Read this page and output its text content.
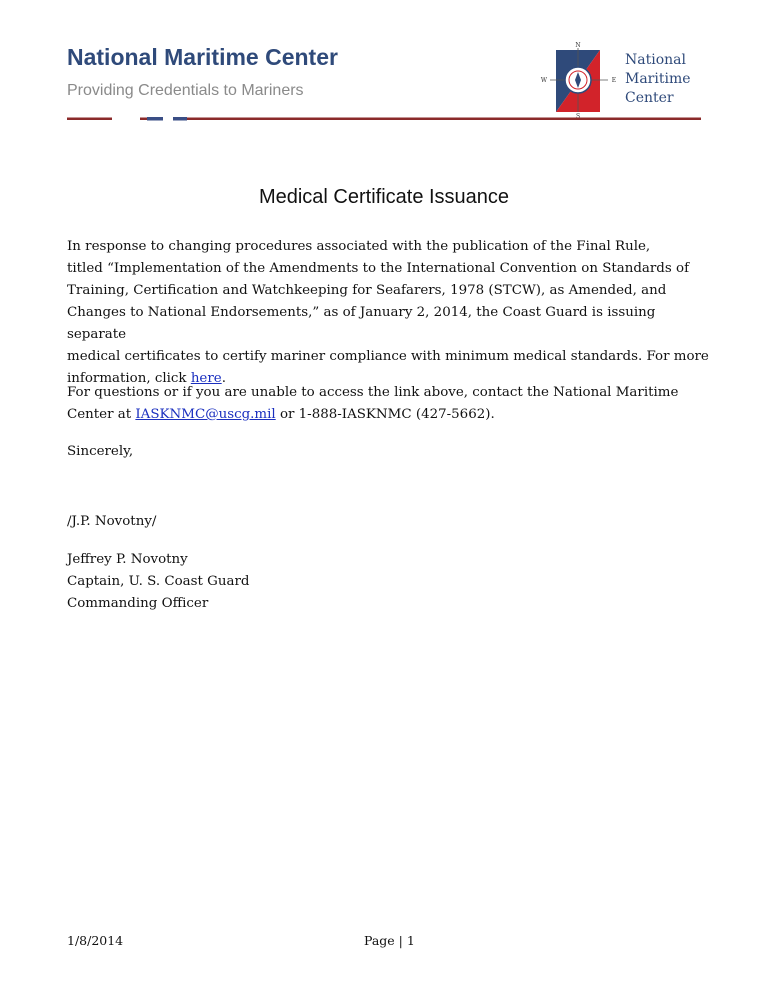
National Maritime Center
Providing Credentials to Mariners
N
E
S
W
National
Maritime
Center
Medical Certificate Issuance

In response to changing procedures associated with the publication of the Final Rule,
titled “Implementation of the Amendments to the International Convention on Standards of
Training, Certification and Watchkeeping for Seafarers, 1978 (STCW), as Amended, and
Changes to National Endorsements,” as of January 2, 2014, the Coast Guard is issuing separate
medical certificates to certify mariner compliance with minimum medical standards. For more
information, click here.

For questions or if you are unable to access the link above, contact the National Maritime
Center at IASKNMC@uscg.mil or 1-888-IASKNMC (427-5662).

Sincerely,

/J.P. Novotny/

Jeffrey P. Novotny
Captain, U. S. Coast Guard
Commanding Officer

1/8/2014	Page | 1
